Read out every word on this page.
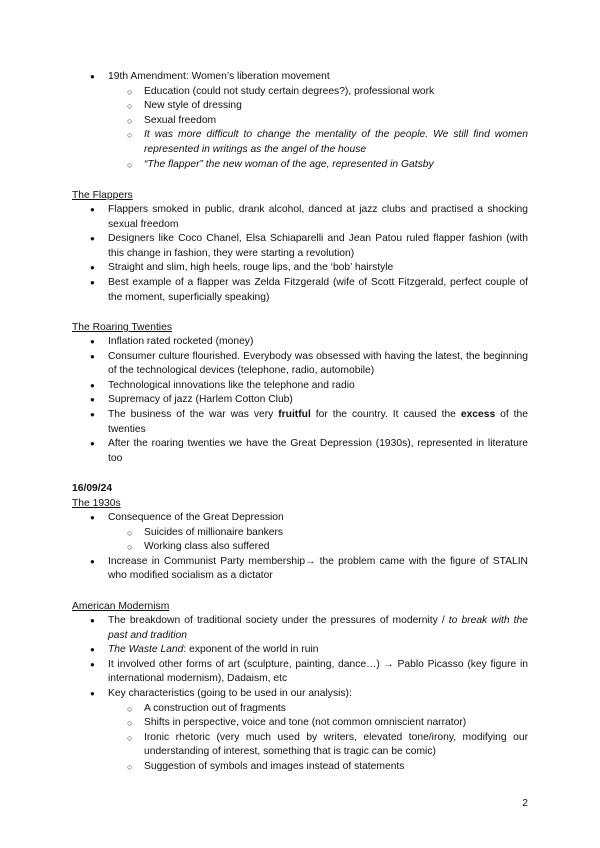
● 19th Amendment: Women’s liberation movement
○ Education (could not study certain degrees?), professional work
○ New style of dressing
○ Sexual freedom
○ It was more difficult to change the mentality of the people. We still find women represented in writings as the angel of the house
○ “The flapper” the new woman of the age, represented in Gatsby

The Flappers

● Flappers smoked in public, drank alcohol, danced at jazz clubs and practised a shocking sexual freedom
● Designers like Coco Chanel, Elsa Schiaparelli and Jean Patou ruled flapper fashion (with this change in fashion, they were starting a revolution)
● Straight and slim, high heels, rouge lips, and the ‘bob’ hairstyle
● Best example of a flapper was Zelda Fitzgerald (wife of Scott Fitzgerald, perfect couple of the moment, superficially speaking)

The Roaring Twenties

● Inflation rated rocketed (money)
● Consumer culture flourished. Everybody was obsessed with having the latest, the beginning of the technological devices (telephone, radio, automobile)
● Technological innovations like the telephone and radio
● Supremacy of jazz (Harlem Cotton Club)
● The business of the war was very fruitful for the country. It caused the excess of the twenties
● After the roaring twenties we have the Great Depression (1930s), represented in literature too

16/09/24

The 1930s

● Consequence of the Great Depression
○ Suicides of millionaire bankers
○ Working class also suffered
● Increase in Communist Party membership→ the problem came with the figure of STALIN who modified socialism as a dictator

American Modernism

● The breakdown of traditional society under the pressures of modernity / to break with the past and tradition
● The Waste Land: exponent of the world in ruin
● It involved other forms of art (sculpture, painting, dance…) → Pablo Picasso (key figure in international modernism), Dadaism, etc
● Key characteristics (going to be used in our analysis):
○ A construction out of fragments
○ Shifts in perspective, voice and tone (not common omniscient narrator)
○ Ironic rhetoric (very much used by writers, elevated tone/irony, modifying our understanding of interest, something that is tragic can be comic)
○ Suggestion of symbols and images instead of statements
2
